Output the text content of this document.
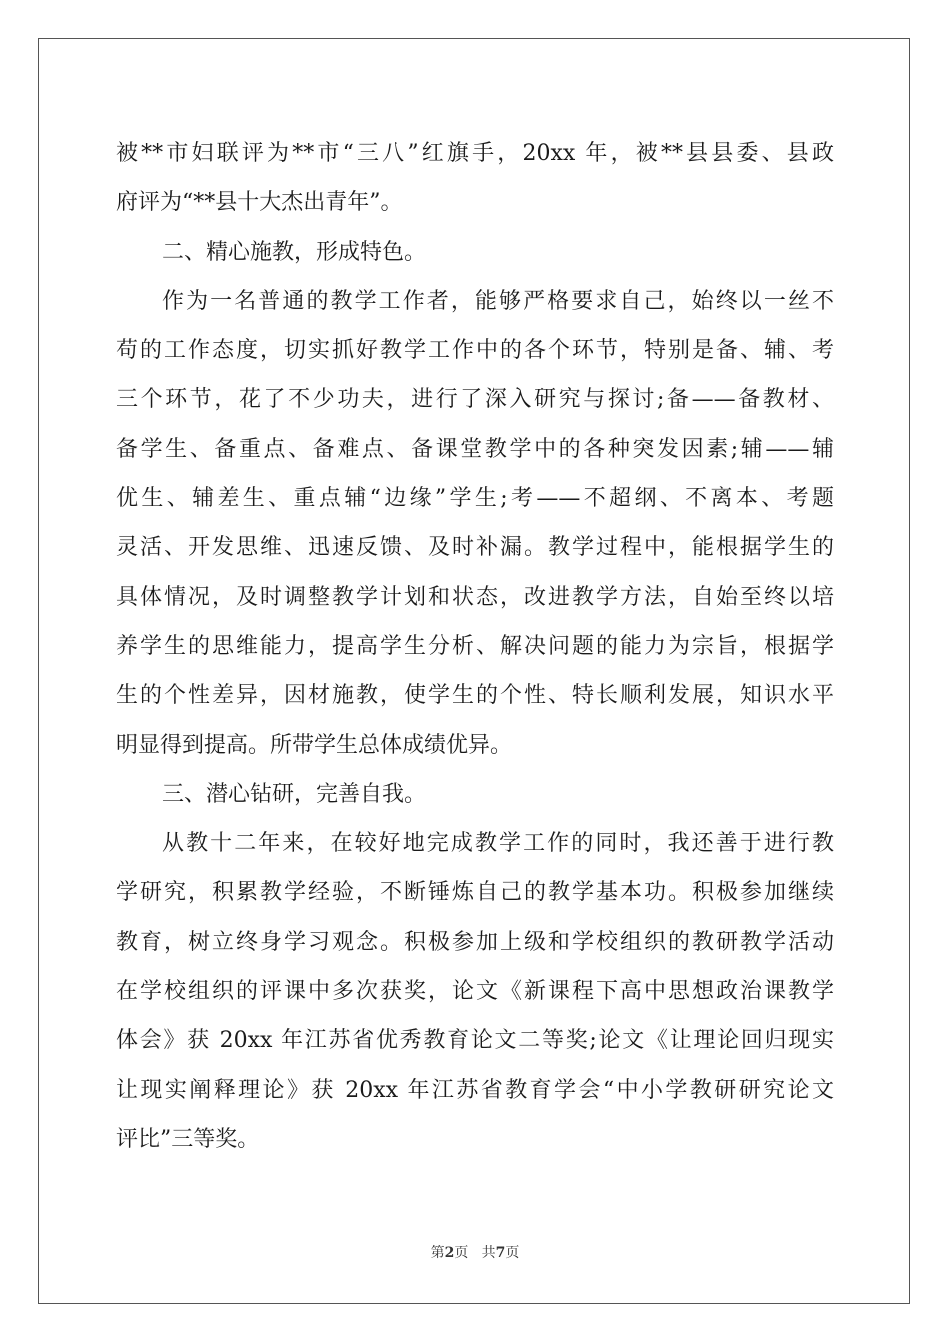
被**市妇联评为**市“三八”红旗手，20xx 年，被**县县委、县政
府评为“**县十大杰出青年”。
二、精心施教，形成特色。
作为一名普通的教学工作者，能够严格要求自己，始终以一丝不
苟的工作态度，切实抓好教学工作中的各个环节，特别是备、辅、考
三个环节，花了不少功夫，进行了深入研究与探讨;备——备教材、
备学生、备重点、备难点、备课堂教学中的各种突发因素;辅——辅
优生、辅差生、重点辅“边缘”学生;考——不超纲、不离本、考题
灵活、开发思维、迅速反馈、及时补漏。教学过程中，能根据学生的
具体情况，及时调整教学计划和状态，改进教学方法，自始至终以培
养学生的思维能力，提高学生分析、解决问题的能力为宗旨，根据学
生的个性差异，因材施教，使学生的个性、特长顺利发展，知识水平
明显得到提高。所带学生总体成绩优异。
三、潜心钻研，完善自我。
从教十二年来，在较好地完成教学工作的同时，我还善于进行教
学研究，积累教学经验，不断锤炼自己的教学基本功。积极参加继续
教育，树立终身学习观念。积极参加上级和学校组织的教研教学活动
在学校组织的评课中多次获奖，论文《新课程下高中思想政治课教学
体会》获 20xx 年江苏省优秀教育论文二等奖;论文《让理论回归现实
让现实阐释理论》获 20xx 年江苏省教育学会“中小学教研研究论文
评比”三等奖。
第2页   共7页
